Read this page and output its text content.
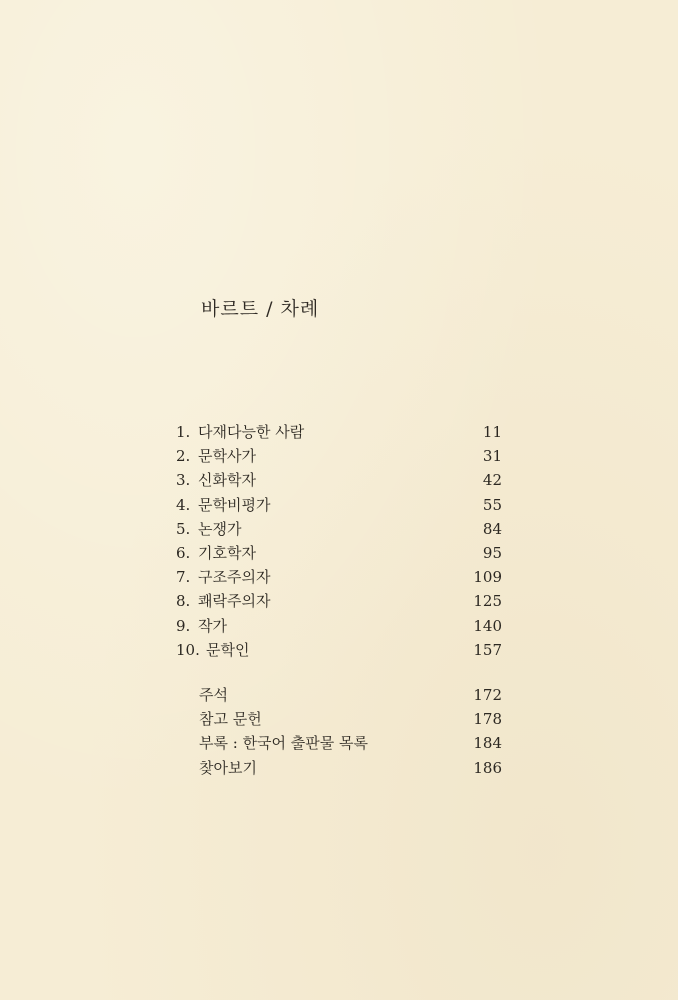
바르트 / 차례
1. 다재다능한 사람	11
2. 문학사가	31
3. 신화학자	42
4. 문학비평가	55
5. 논쟁가	84
6. 기호학자	95
7. 구조주의자	109
8. 쾌락주의자	125
9. 작가	140
10. 문학인	157
주석	172
참고 문헌	178
부록 : 한국어 출판물 목록	184
찾아보기	186
